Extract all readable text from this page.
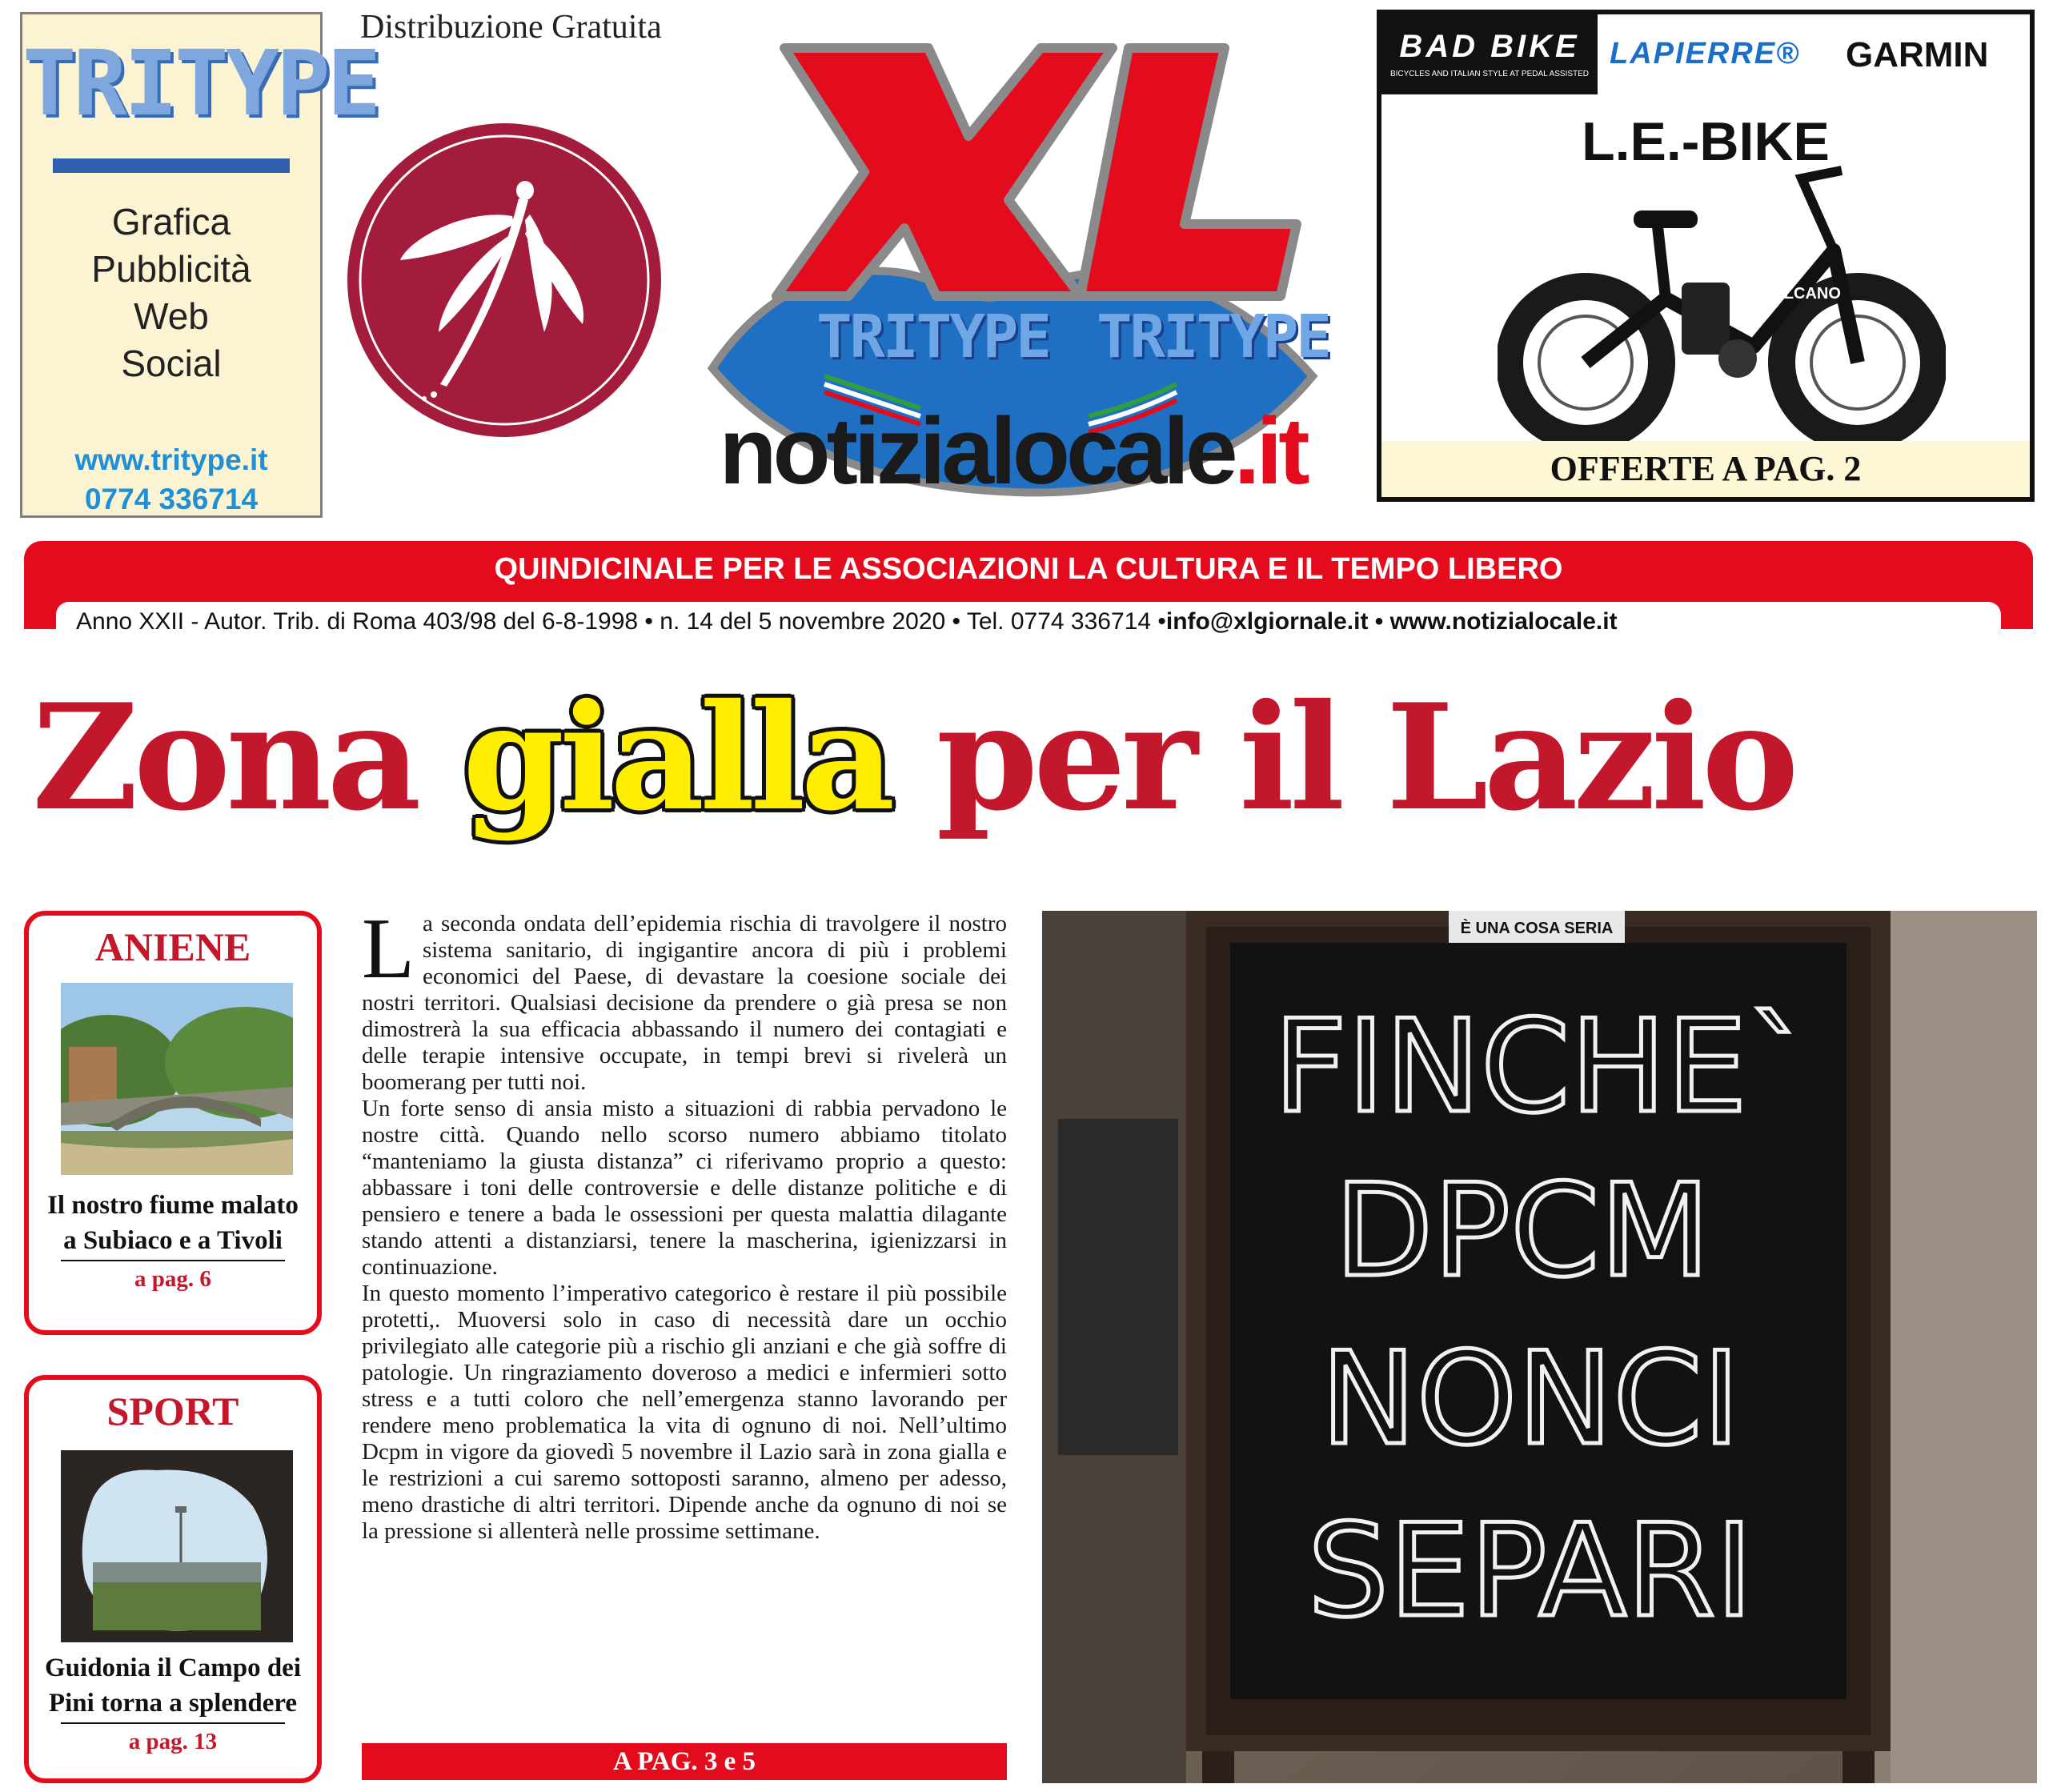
TRITYPE
Grafica
Pubblicità
Web
Social
www.tritype.it
0774 336714
Distribuzione Gratuita	XL
TRITYPE TRITYPE
notizialocale.it
BAD BIKE
BICYCLES AND ITALIAN STYLE AT PEDAL ASSISTED
LAPIERRE® GARMIN
L.E.-BIKE
VULCANO
OFFERTE A PAG. 2
QUINDICINALE PER LE ASSOCIAZIONI LA CULTURA E IL TEMPO LIBERO
Anno XXII - Autor. Trib. di Roma 403/98 del 6-8-1998 • n. 14 del 5 novembre 2020 • Tel. 0774 336714 •info@xlgiornale.it • www.notizialocale.it
Zona gialla per il Lazio
ANIENE
Il nostro fiume malato
a Subiaco e a Tivoli
a pag. 6
SPORT
Guidonia il Campo dei
Pini torna a splendere
a pag. 13

La seconda ondata dell’epidemia rischia di travolgere il nostro sistema sanitario, di ingigantire ancora di più i problemi economici del Paese, di devastare la coesione sociale dei nostri territori. Qualsiasi decisione da prendere o già presa se non dimostrerà la sua efficacia abbassando il numero dei contagiati e delle terapie intensive occupate, in tempi brevi si rivelerà un boomerang per tutti noi.

Un forte senso di ansia misto a situazioni di rabbia pervadono le nostre città. Quando nello scorso numero abbiamo titolato “manteniamo la giusta distanza” ci riferivamo proprio a questo: abbassare i toni delle controversie e delle distanze politiche e di pensiero e tenere a bada le ossessioni per questa malattia dilagante stando attenti a distanziarsi, tenere la mascherina, igienizzarsi in continuazione.

In questo momento l’imperativo categorico è restare il più possibile protetti,. Muoversi solo in caso di necessità dare un occhio privilegiato alle categorie più a rischio gli anziani e che già soffre di patologie. Un ringraziamento doveroso a medici e infermieri sotto stress e a tutti coloro che nell’emergenza stanno lavorando per rendere meno problematica la vita di ognuno di noi. Nell’ultimo Dcpm in vigore da giovedì 5 novembre il Lazio sarà in zona gialla e le restrizioni a cui saremo sottoposti saranno, almeno per adesso, meno drastiche di altri territori. Dipende anche da ognuno di noi se la pressione si allenterà nelle prossime settimane.

A PAG. 3 e 5
È UNA COSA SERIA
FINCHE`
DPCM
NONCI
SEPARI
